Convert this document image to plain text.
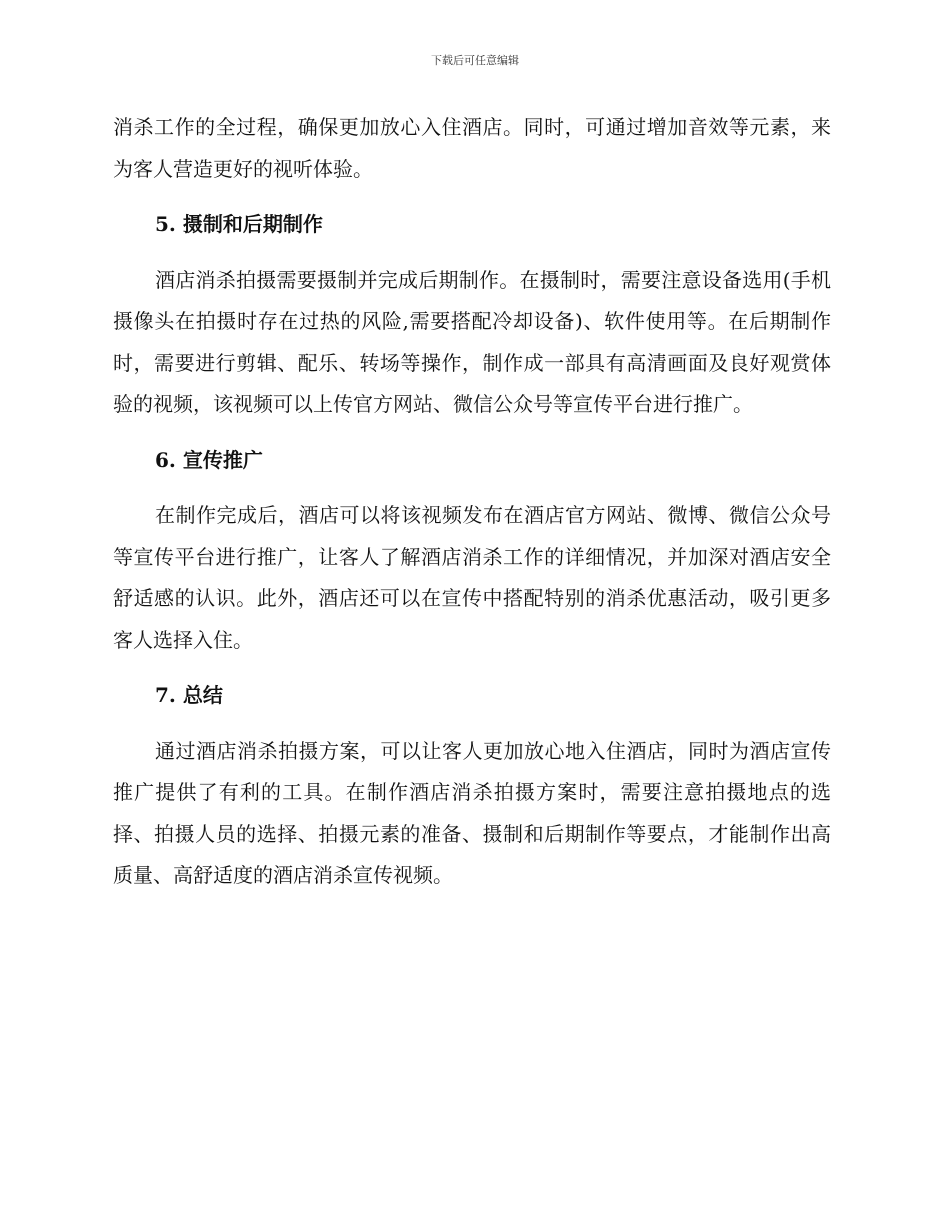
下载后可任意编辑

消杀工作的全过程，确保更加放心入住酒店。同时，可通过增加音效等元素，来为客人营造更好的视听体验。

5. 摄制和后期制作

酒店消杀拍摄需要摄制并完成后期制作。在摄制时，需要注意设备选用(手机摄像头在拍摄时存在过热的风险,需要搭配冷却设备)、软件使用等。在后期制作时，需要进行剪辑、配乐、转场等操作，制作成一部具有高清画面及良好观赏体验的视频，该视频可以上传官方网站、微信公众号等宣传平台进行推广。

6. 宣传推广

在制作完成后，酒店可以将该视频发布在酒店官方网站、微博、微信公众号等宣传平台进行推广，让客人了解酒店消杀工作的详细情况，并加深对酒店安全舒适感的认识。此外，酒店还可以在宣传中搭配特别的消杀优惠活动，吸引更多客人选择入住。

7. 总结

通过酒店消杀拍摄方案，可以让客人更加放心地入住酒店，同时为酒店宣传推广提供了有利的工具。在制作酒店消杀拍摄方案时，需要注意拍摄地点的选择、拍摄人员的选择、拍摄元素的准备、摄制和后期制作等要点，才能制作出高质量、高舒适度的酒店消杀宣传视频。
